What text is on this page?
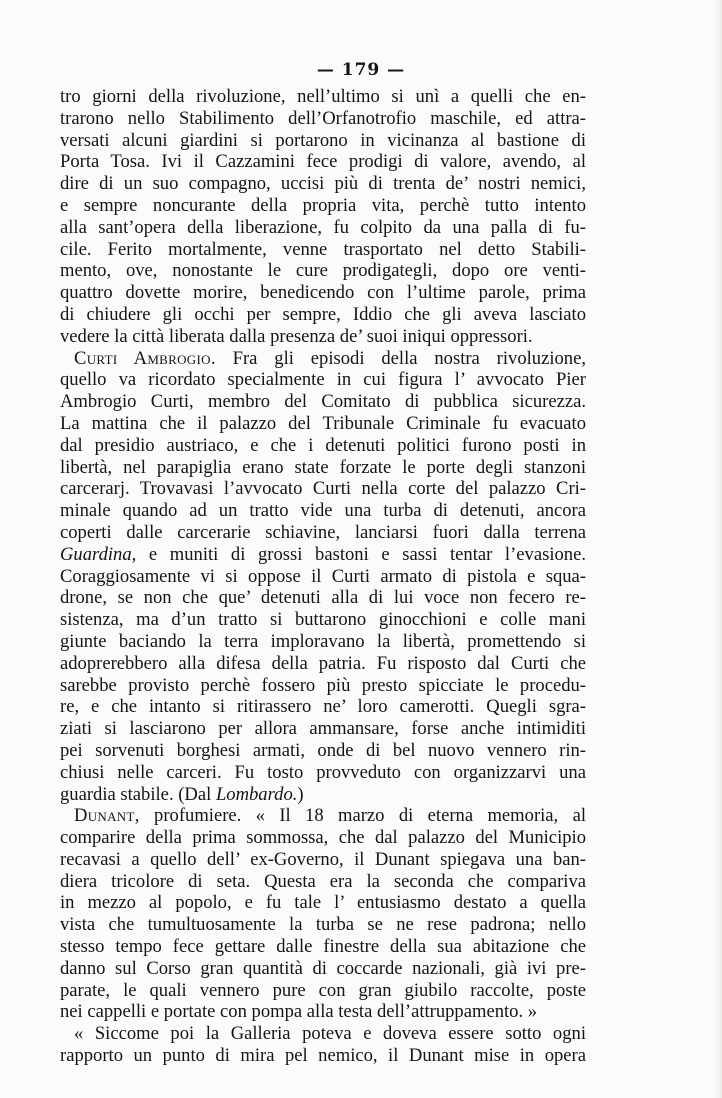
— 179 —
tro giorni della rivoluzione, nell’ultimo si unì a quelli che en-
trarono nello Stabilimento dell’Orfanotrofio maschile, ed attra-
versati alcuni giardini si portarono in vicinanza al bastione di
Porta Tosa. Ivi il Cazzamini fece prodigi di valore, avendo, al
dire di un suo compagno, uccisi più di trenta de’ nostri nemici,
e sempre noncurante della propria vita, perchè tutto intento
alla sant’opera della liberazione, fu colpito da una palla di fu-
cile. Ferito mortalmente, venne trasportato nel detto Stabili-
mento, ove, nonostante le cure prodigategli, dopo ore venti-
quattro dovette morire, benedicendo con l’ultime parole, prima
di chiudere gli occhi per sempre, Iddio che gli aveva lasciato
vedere la città liberata dalla presenza de’ suoi iniqui oppressori.
Curti Ambrogio. Fra gli episodi della nostra rivoluzione,
quello va ricordato specialmente in cui figura l’ avvocato Pier
Ambrogio Curti, membro del Comitato di pubblica sicurezza.
La mattina che il palazzo del Tribunale Criminale fu evacuato
dal presidio austriaco, e che i detenuti politici furono posti in
libertà, nel parapiglia erano state forzate le porte degli stanzoni
carcerarj. Trovavasi l’avvocato Curti nella corte del palazzo Cri-
minale quando ad un tratto vide una turba di detenuti, ancora
coperti dalle carcerarie schiavine, lanciarsi fuori dalla terrena
Guardina, e muniti di grossi bastoni e sassi tentar l’evasione.
Coraggiosamente vi si oppose il Curti armato di pistola e squa-
drone, se non che que’ detenuti alla di lui voce non fecero re-
sistenza, ma d’un tratto si buttarono ginocchioni e colle mani
giunte baciando la terra imploravano la libertà, promettendo si
adoprerebbero alla difesa della patria. Fu risposto dal Curti che
sarebbe provisto perchè fossero più presto spicciate le procedu-
re, e che intanto si ritirassero ne’ loro camerotti. Quegli sgra-
ziati si lasciarono per allora ammansare, forse anche intimiditi
pei sorvenuti borghesi armati, onde di bel nuovo vennero rin-
chiusi nelle carceri. Fu tosto provveduto con organizzarvi una
guardia stabile. (Dal Lombardo.)
Dunant, profumiere. « Il 18 marzo di eterna memoria, al
comparire della prima sommossa, che dal palazzo del Municipio
recavasi a quello dell’ ex-Governo, il Dunant spiegava una ban-
diera tricolore di seta. Questa era la seconda che compariva
in mezzo al popolo, e fu tale l’ entusiasmo destato a quella
vista che tumultuosamente la turba se ne rese padrona; nello
stesso tempo fece gettare dalle finestre della sua abitazione che
danno sul Corso gran quantità di coccarde nazionali, già ivi pre-
parate, le quali vennero pure con gran giubilo raccolte, poste
nei cappelli e portate con pompa alla testa dell’attruppamento. »
« Siccome poi la Galleria poteva e doveva essere sotto ogni
rapporto un punto di mira pel nemico, il Dunant mise in opera
